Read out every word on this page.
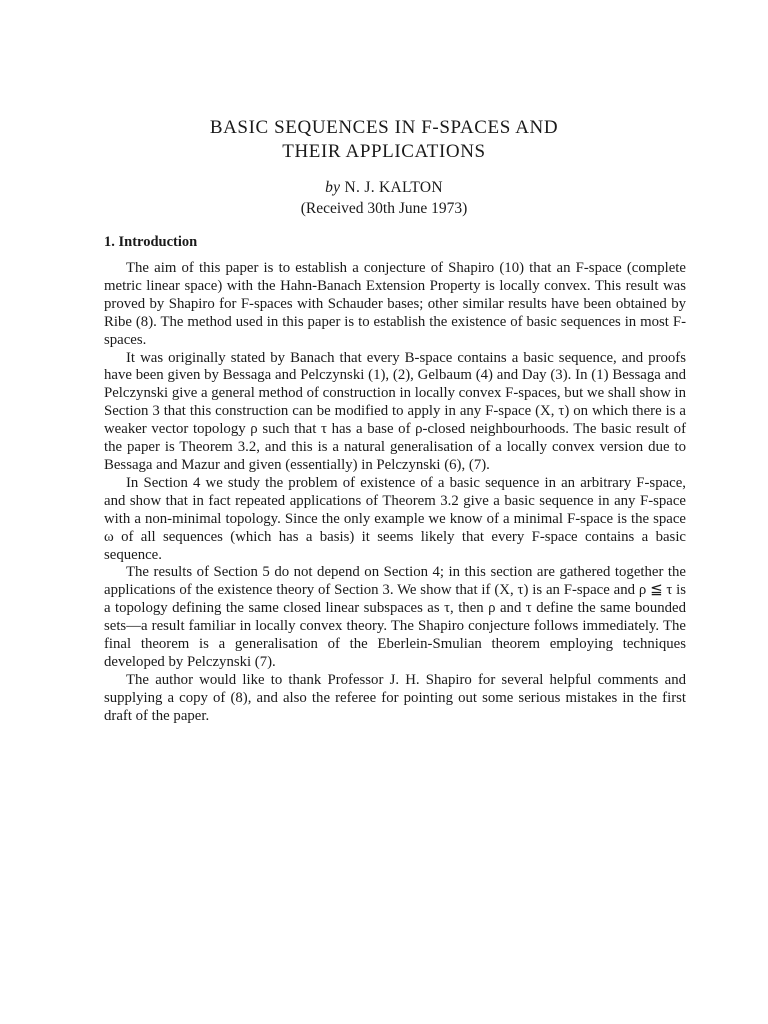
BASIC SEQUENCES IN F-SPACES AND
THEIR APPLICATIONS
by N. J. KALTON
(Received 30th June 1973)
1. Introduction

The aim of this paper is to establish a conjecture of Shapiro (10) that an F-space (complete metric linear space) with the Hahn-Banach Extension Property is locally convex. This result was proved by Shapiro for F-spaces with Schauder bases; other similar results have been obtained by Ribe (8). The method used in this paper is to establish the existence of basic sequences in most F-spaces.

It was originally stated by Banach that every B-space contains a basic sequence, and proofs have been given by Bessaga and Pelczynski (1), (2), Gelbaum (4) and Day (3). In (1) Bessaga and Pelczynski give a general method of construction in locally convex F-spaces, but we shall show in Section 3 that this construction can be modified to apply in any F-space (X, τ) on which there is a weaker vector topology ρ such that τ has a base of ρ-closed neighbourhoods. The basic result of the paper is Theorem 3.2, and this is a natural generalisation of a locally convex version due to Bessaga and Mazur and given (essentially) in Pelczynski (6), (7).

In Section 4 we study the problem of existence of a basic sequence in an arbitrary F-space, and show that in fact repeated applications of Theorem 3.2 give a basic sequence in any F-space with a non-minimal topology. Since the only example we know of a minimal F-space is the space ω of all sequences (which has a basis) it seems likely that every F-space contains a basic sequence.

The results of Section 5 do not depend on Section 4; in this section are gathered together the applications of the existence theory of Section 3. We show that if (X, τ) is an F-space and ρ ≦ τ is a topology defining the same closed linear subspaces as τ, then ρ and τ define the same bounded sets—a result familiar in locally convex theory. The Shapiro conjecture follows immediately. The final theorem is a generalisation of the Eberlein-Smulian theorem employing techniques developed by Pelczynski (7).

The author would like to thank Professor J. H. Shapiro for several helpful comments and supplying a copy of (8), and also the referee for pointing out some serious mistakes in the first draft of the paper.
